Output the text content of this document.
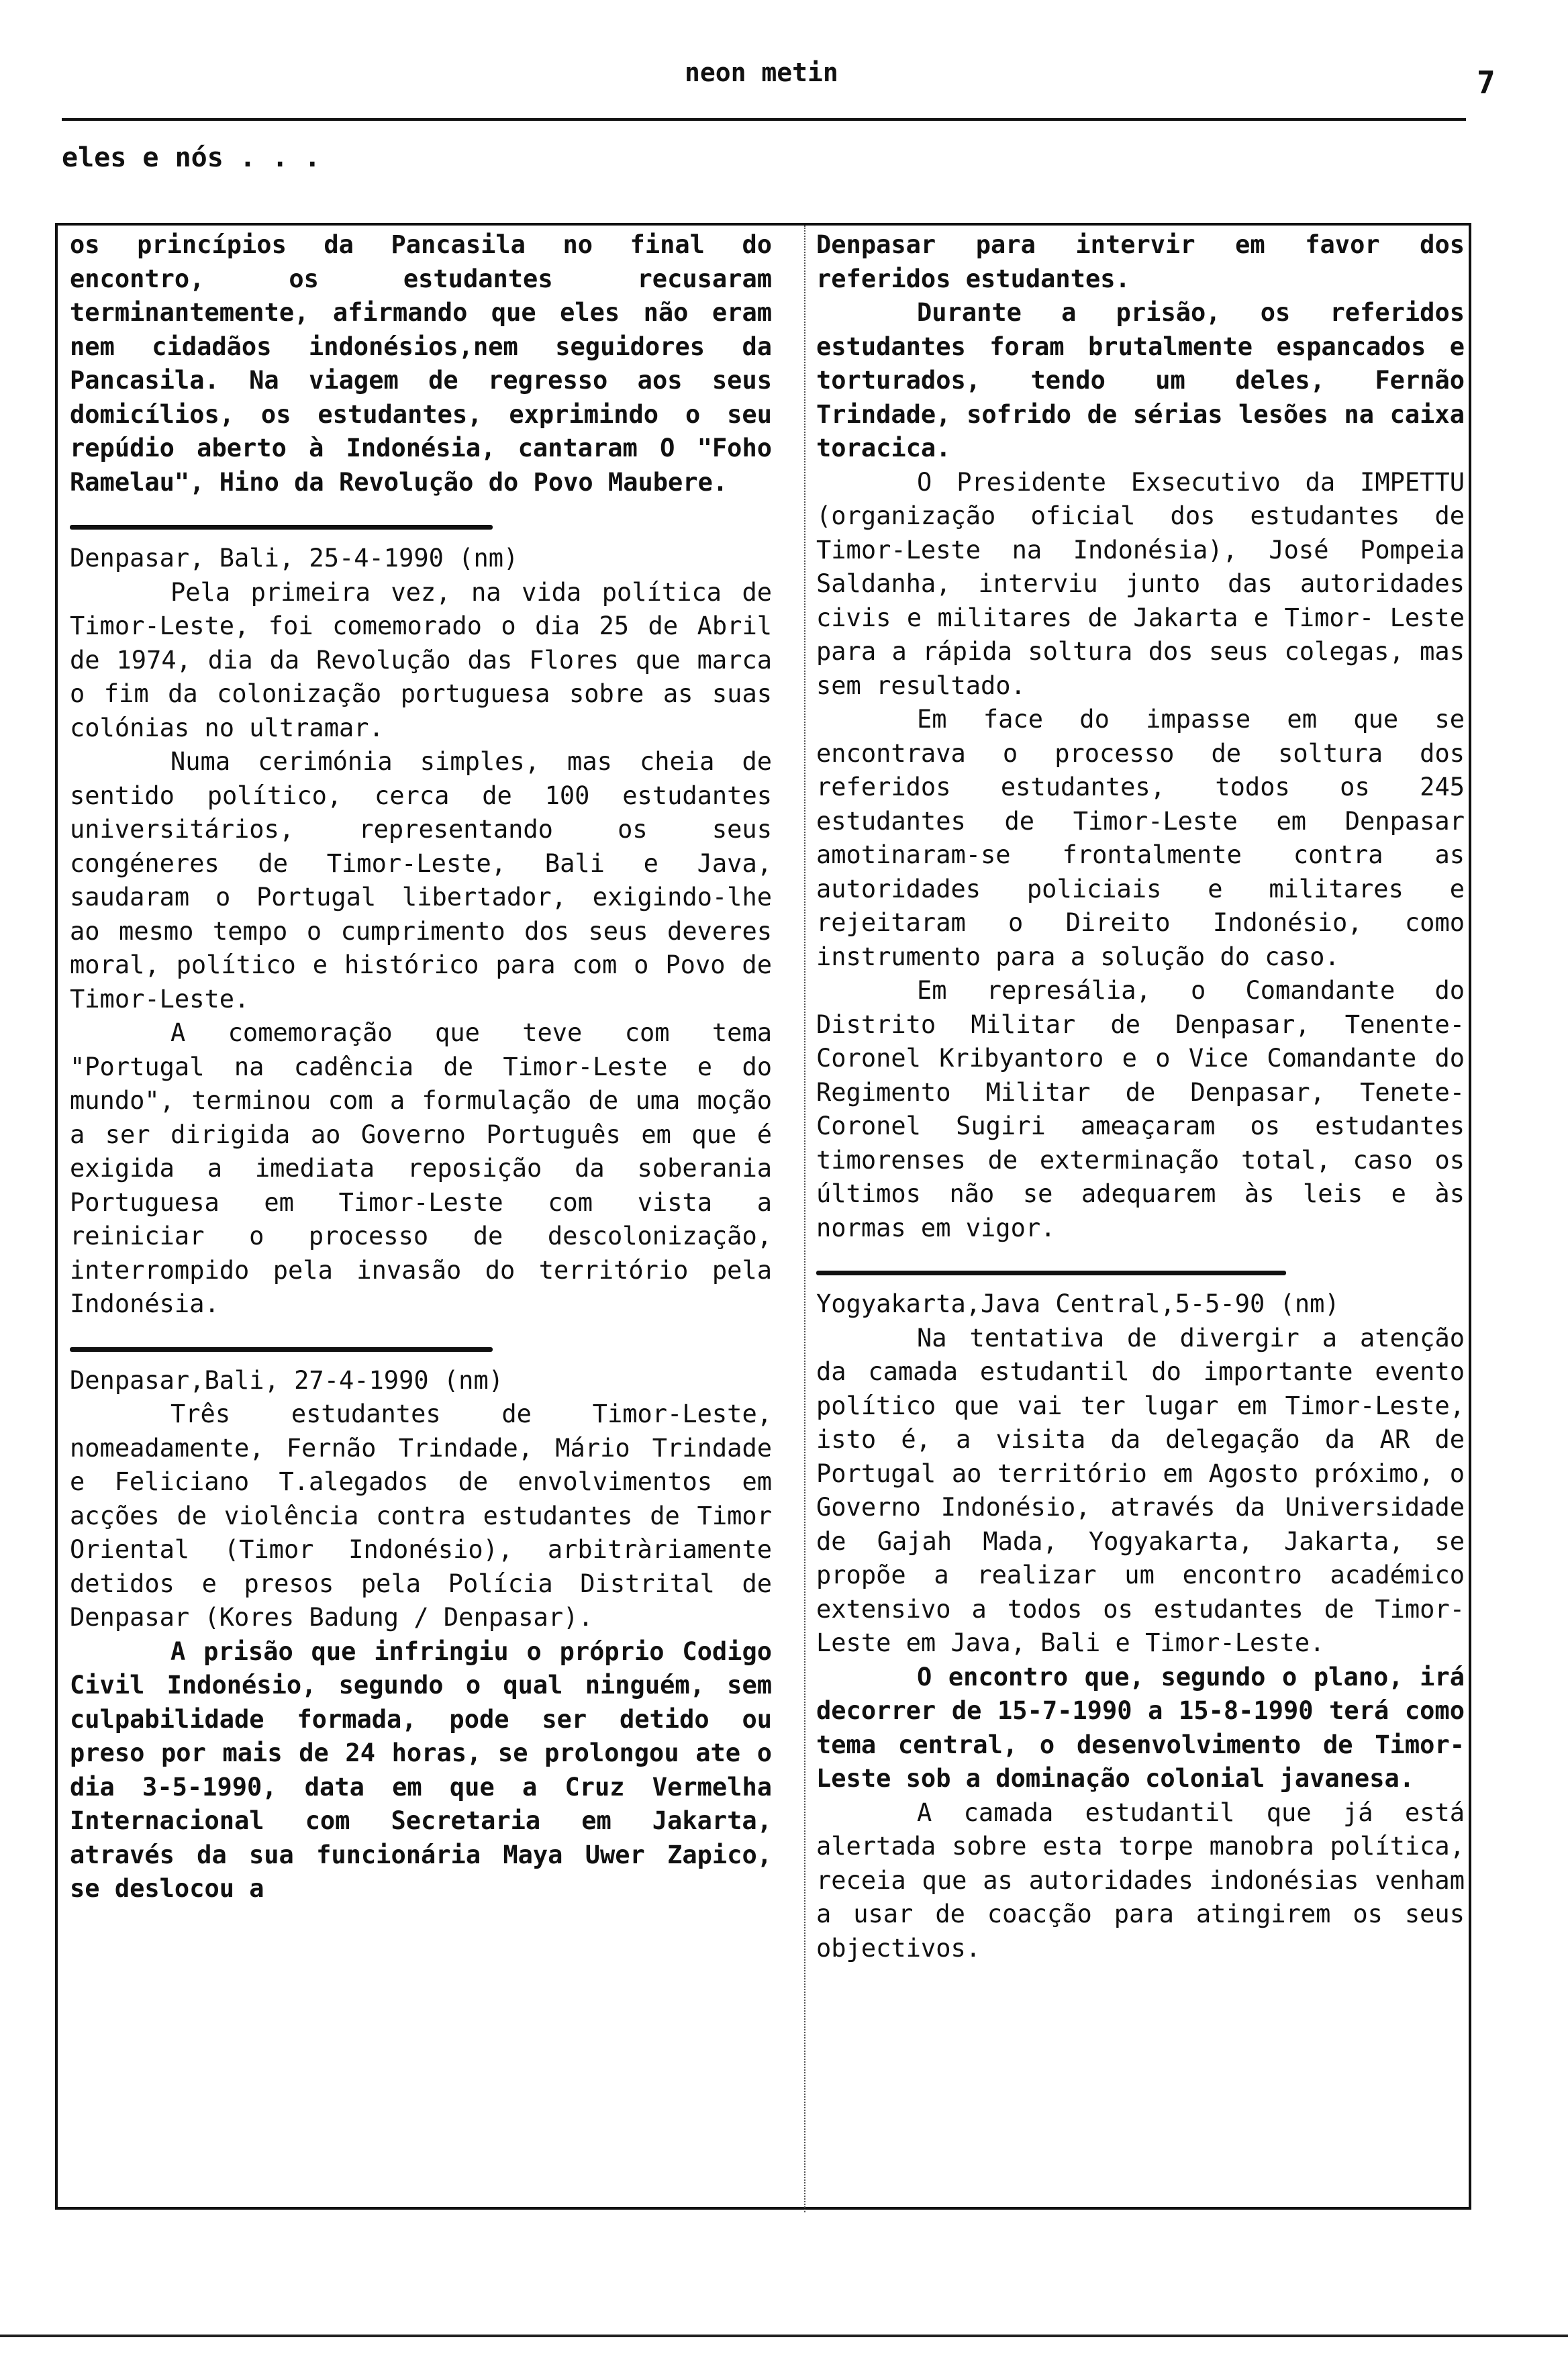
neon metin	7
eles e nós . . .

os princípios da Pancasila no final do encontro, os estudantes recusaram terminantemente, afirmando que eles não eram nem cidadãos indonésios,nem seguidores da Pancasila. Na viagem de regresso aos seus domicílios, os estudantes, exprimindo o seu repúdio aberto à Indonésia, cantaram O "Foho Ramelau", Hino da Revolução do Povo Maubere.

Denpasar, Bali, 25-4-1990 (nm)

Pela primeira vez, na vida política de Timor-Leste, foi comemorado o dia 25 de Abril de 1974, dia da Revolução das Flores que marca o fim da colonização portuguesa sobre as suas colónias no ultramar.

Numa cerimónia simples, mas cheia de sentido político, cerca de 100 estudantes universitários, representando os seus congéneres de Timor-Leste, Bali e Java, saudaram o Portugal libertador, exigindo-lhe ao mesmo tempo o cumprimento dos seus deveres moral, político e histórico para com o Povo de Timor-Leste.

A comemoração que teve com tema "Portugal na cadência de Timor-Leste e do mundo", terminou com a formulação de uma moção a ser dirigida ao Governo Português em que é exigida a imediata reposição da soberania Portuguesa em Timor-Leste com vista a reiniciar o processo de descolonização, interrompido pela invasão do território pela Indonésia.

Denpasar,Bali, 27-4-1990 (nm)

Três estudantes de Timor-Leste, nomeadamente, Fernão Trindade, Mário Trindade e Feliciano T.alegados de envolvimentos em acções de violência contra estudantes de Timor Oriental (Timor Indonésio), arbitràriamente detidos e presos pela Polícia Distrital de Denpasar (Kores Badung / Denpasar).

A prisão que infringiu o próprio Codigo Civil Indonésio, segundo o qual ninguém, sem culpabilidade formada, pode ser detido ou preso por mais de 24 horas, se prolongou ate o dia 3-5-1990, data em que a Cruz Vermelha Internacional com Secretaria em Jakarta, através da sua funcionária Maya Uwer Zapico, se deslocou a

Denpasar para intervir em favor dos referidos estudantes.

Durante a prisão, os referidos estudantes foram brutalmente espancados e torturados, tendo um deles, Fernão Trindade, sofrido de sérias lesões na caixa toracica.

O Presidente Exsecutivo da IMPETTU (organização oficial dos estudantes de Timor-Leste na Indonésia), José Pompeia Saldanha, interviu junto das autoridades civis e militares de Jakarta e Timor- Leste para a rápida soltura dos seus colegas, mas sem resultado.

Em face do impasse em que se encontrava o processo de soltura dos referidos estudantes, todos os 245 estudantes de Timor-Leste em Denpasar amotinaram-se frontalmente contra as autoridades policiais e militares e rejeitaram o Direito Indonésio, como instrumento para a solução do caso.

Em represália, o Comandante do Distrito Militar de Denpasar, Tenente-Coronel Kribyantoro e o Vice Comandante do Regimento Militar de Denpasar, Tenete-Coronel Sugiri ameaçaram os estudantes timorenses de exterminação total, caso os últimos não se adequarem às leis e às normas em vigor.

Yogyakarta,Java Central,5-5-90 (nm)

Na tentativa de divergir a atenção da camada estudantil do importante evento político que vai ter lugar em Timor-Leste, isto é, a visita da delegação da AR de Portugal ao território em Agosto próximo, o Governo Indonésio, através da Universidade de Gajah Mada, Yogyakarta, Jakarta, se propõe a realizar um encontro académico extensivo a todos os estudantes de Timor-Leste em Java, Bali e Timor-Leste.

O encontro que, segundo o plano, irá decorrer de 15-7-1990 a 15-8-1990 terá como tema central, o desenvolvimento de Timor-Leste sob a dominação colonial javanesa.

A camada estudantil que já está alertada sobre esta torpe manobra política, receia que as autoridades indonésias venham a usar de coacção para atingirem os seus objectivos.
